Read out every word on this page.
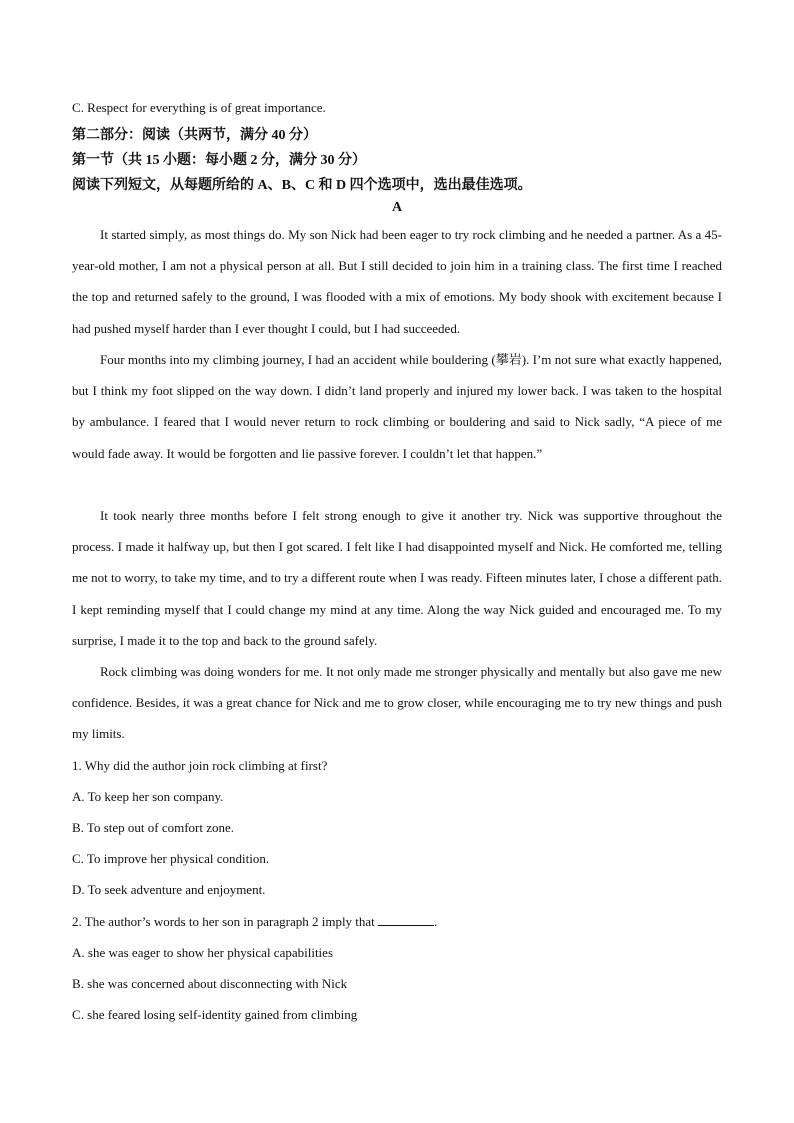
C. Respect for everything is of great importance.
第二部分：阅读（共两节，满分 40 分）
第一节（共 15 小题：每小题 2 分，满分 30 分）
阅读下列短文，从每题所给的 A、B、C 和 D 四个选项中，选出最佳选项。
A

It started simply, as most things do. My son Nick had been eager to try rock climbing and he needed a partner. As a 45-year-old mother, I am not a physical person at all. But I still decided to join him in a training class. The first time I reached the top and returned safely to the ground, I was flooded with a mix of emotions. My body shook with excitement because I had pushed myself harder than I ever thought I could, but I had succeeded.

Four months into my climbing journey, I had an accident while bouldering (攀岩). I’m not sure what exactly happened, but I think my foot slipped on the way down. I didn’t land properly and injured my lower back. I was taken to the hospital by ambulance. I feared that I would never return to rock climbing or bouldering and said to Nick sadly, “A piece of me would fade away. It would be forgotten and lie passive forever. I couldn’t let that happen.”

It took nearly three months before I felt strong enough to give it another try. Nick was supportive throughout the process. I made it halfway up, but then I got scared. I felt like I had disappointed myself and Nick. He comforted me, telling me not to worry, to take my time, and to try a different route when I was ready. Fifteen minutes later, I chose a different path. I kept reminding myself that I could change my mind at any time. Along the way Nick guided and encouraged me. To my surprise, I made it to the top and back to the ground safely.

Rock climbing was doing wonders for me. It not only made me stronger physically and mentally but also gave me new confidence. Besides, it was a great chance for Nick and me to grow closer, while encouraging me to try new things and push my limits.

1. Why did the author join rock climbing at first?
A. To keep her son company.
B. To step out of comfort zone.
C. To improve her physical condition.
D. To seek adventure and enjoyment.
2. The author’s words to her son in paragraph 2 imply that	.
A. she was eager to show her physical capabilities
B. she was concerned about disconnecting with Nick
C. she feared losing self-identity gained from climbing
